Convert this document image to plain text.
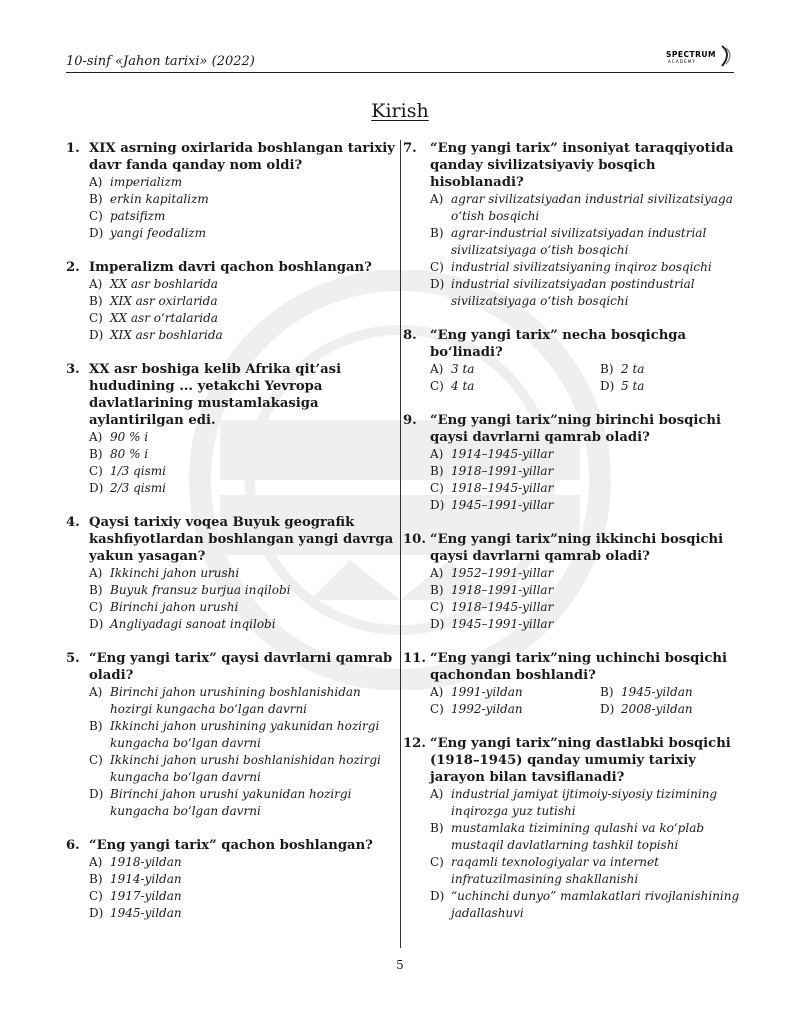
10-sinf «Jahon tarixi» (2022)	SPECTRUM
ACADEMY
Kirish
1. XIX asrning oxirlarida boshlangan tarixiy davr fanda qanday nom oldi?
A) imperializm
B) erkin kapitalizm
C) patsifizm
D) yangi feodalizm
2. Imperalizm davri qachon boshlangan?
A) XX asr boshlarida
B) XIX asr oxirlarida
C) XX asr o‘rtalarida
D) XIX asr boshlarida
3. XX asr boshiga kelib Afrika qit’asi hududining ... yetakchi Yevropa davlatlarining mustamlakasiga aylantirilgan edi.
A) 90 % i
B) 80 % i
C) 1/3 qismi
D) 2/3 qismi
4. Qaysi tarixiy voqea Buyuk geografik kashfiyotlardan boshlangan yangi davrga yakun yasagan?
A) Ikkinchi jahon urushi
B) Buyuk fransuz burjua inqilobi
C) Birinchi jahon urushi
D) Angliyadagi sanoat inqilobi
5. “Eng yangi tarix” qaysi davrlarni qamrab oladi?
A) Birinchi jahon urushining boshlanishidan hozirgi kungacha bo‘lgan davrni
B) Ikkinchi jahon urushining yakunidan hozirgi kungacha bo‘lgan davrni
C) Ikkinchi jahon urushi boshlanishidan hozirgi kungacha bo‘lgan davrni
D) Birinchi jahon urushi yakunidan hozirgi kungacha bo‘lgan davrni
6. “Eng yangi tarix” qachon boshlangan?
A) 1918-yildan
B) 1914-yildan
C) 1917-yildan
D) 1945-yildan
7. “Eng yangi tarix” insoniyat taraqqiyotida qanday sivilizatsiyaviy bosqich hisoblanadi?
A) agrar sivilizatsiyadan industrial sivilizatsiyaga o‘tish bosqichi
B) agrar-industrial sivilizatsiyadan industrial sivilizatsiyaga o‘tish bosqichi
C) industrial sivilizatsiyaning inqiroz bosqichi
D) industrial sivilizatsiyadan postindustrial sivilizatsiyaga o‘tish bosqichi
8. “Eng yangi tarix” necha bosqichga bo‘linadi?
A) 3 ta	B) 2 ta
C) 4 ta	D) 5 ta
9. “Eng yangi tarix”ning birinchi bosqichi qaysi davrlarni qamrab oladi?
A) 1914–1945-yillar
B) 1918–1991-yillar
C) 1918–1945-yillar
D) 1945–1991-yillar
10. “Eng yangi tarix”ning ikkinchi bosqichi qaysi davrlarni qamrab oladi?
A) 1952–1991-yillar
B) 1918–1991-yillar
C) 1918–1945-yillar
D) 1945–1991-yillar
11. “Eng yangi tarix”ning uchinchi bosqichi qachondan boshlandi?
A) 1991-yildan	B) 1945-yildan
C) 1992-yildan	D) 2008-yildan
12. “Eng yangi tarix”ning dastlabki bosqichi (1918–1945) qanday umumiy tarixiy jarayon bilan tavsiflanadi?
A) industrial jamiyat ijtimoiy-siyosiy tizimining inqirozga yuz tutishi
B) mustamlaka tizimining qulashi va ko‘plab mustaqil davlatlarning tashkil topishi
C) raqamli texnologiyalar va internet infratuzilmasining shakllanishi
D) “uchinchi dunyo” mamlakatlari rivojlanishining jadallashuvi
5
